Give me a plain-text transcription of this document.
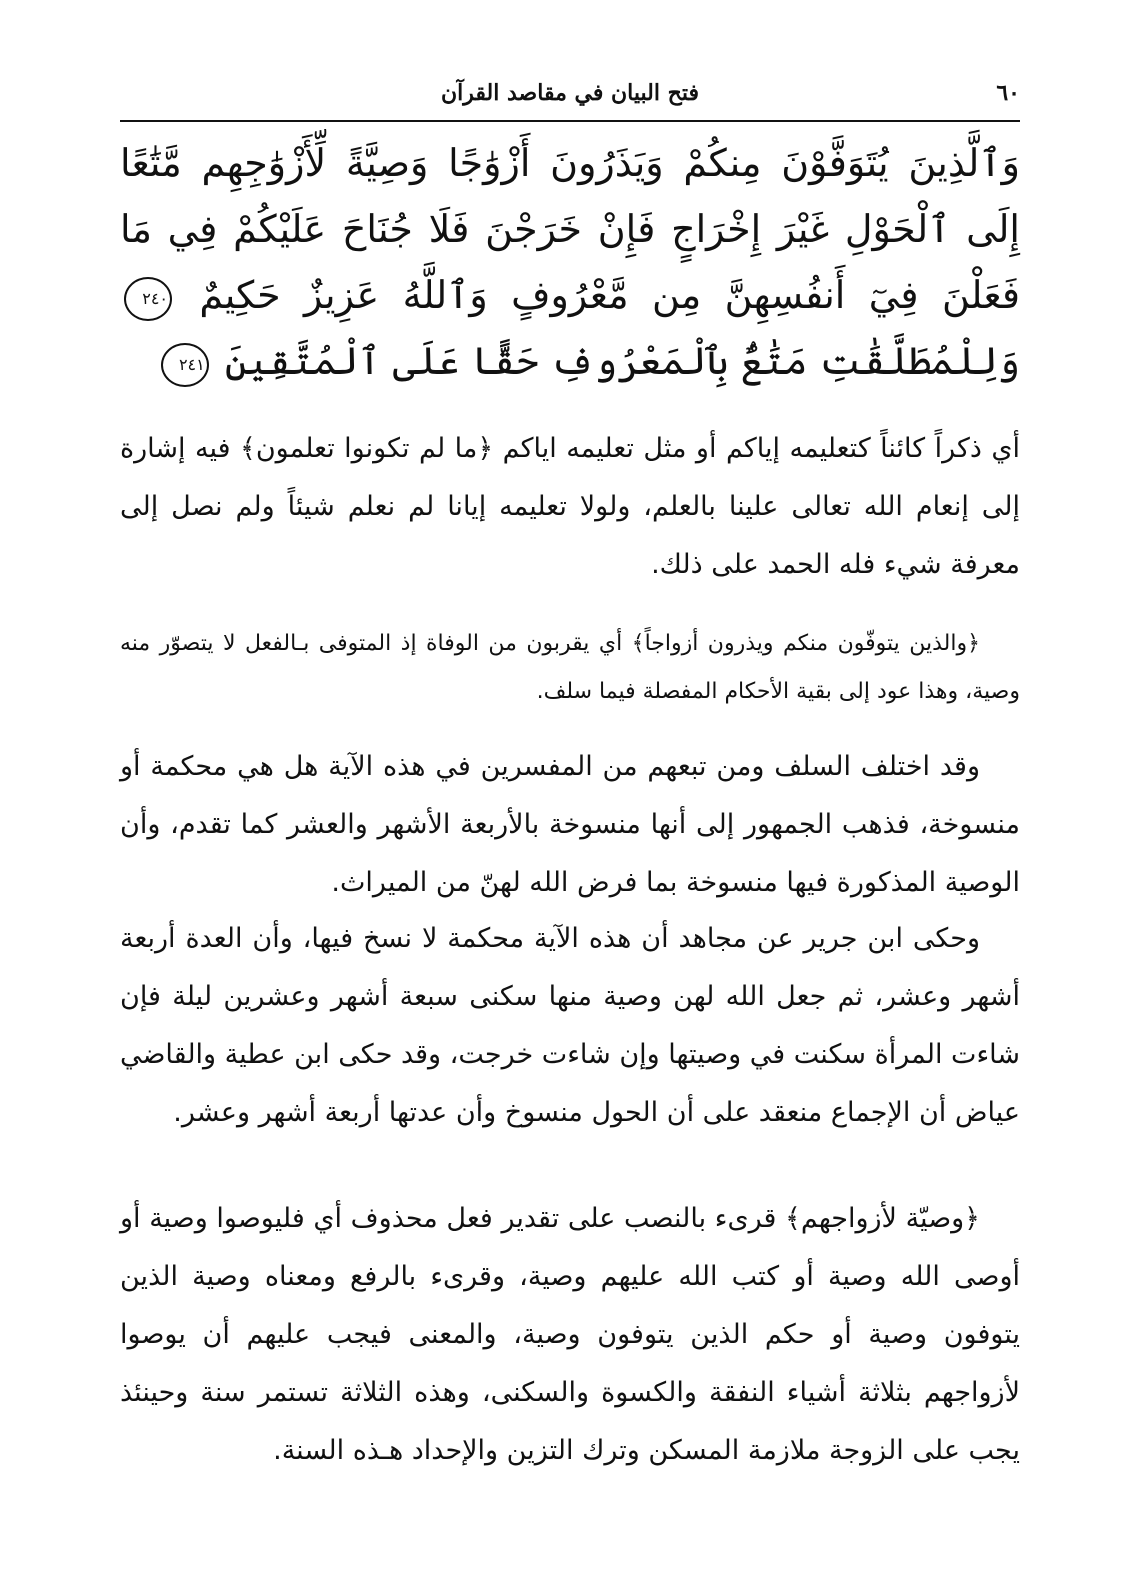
٦٠
فتح البيان في مقاصد القرآن
وَٱلَّذِينَ يُتَوَفَّوْنَ مِنكُمْ وَيَذَرُونَ أَزْوَٰجًا وَصِيَّةً لِّأَزْوَٰجِهِم مَّتَٰعًا إِلَى ٱلْحَوْلِ غَيْرَ إِخْرَاجٍ فَإِنْ خَرَجْنَ فَلَا جُنَاحَ عَلَيْكُمْ فِي مَا فَعَلْنَ فِيٓ أَنفُسِهِنَّ مِن مَّعْرُوفٍ وَٱللَّهُ عَزِيزٌ حَكِيمٌ ٢٤٠ وَلِلْمُطَلَّقَٰتِ مَتَٰعٌۢ بِٱلْمَعْرُوفِ حَقًّا عَلَى ٱلْمُتَّقِينَ ٢٤١

أي ذكراً كائناً كتعليمه إياكم أو مثل تعليمه اياكم ﴿ما لم تكونوا تعلمون﴾ فيه إشارة إلى إنعام الله تعالى علينا بالعلم، ولولا تعليمه إيانا لم نعلم شيئاً ولم نصل إلى معرفة شيء فله الحمد على ذلك.

﴿والذين يتوفّون منكم ويذرون أزواجاً﴾ أي يقربون من الوفاة إذ المتوفى بـالفعل لا يتصوّر منه وصية، وهذا عود إلى بقية الأحكام المفصلة فيما سلف.

وقد اختلف السلف ومن تبعهم من المفسرين في هذه الآية هل هي محكمة أو منسوخة، فذهب الجمهور إلى أنها منسوخة بالأربعة الأشهر والعشر كما تقدم، وأن الوصية المذكورة فيها منسوخة بما فرض الله لهنّ من الميراث.

وحكى ابن جرير عن مجاهد أن هذه الآية محكمة لا نسخ فيها، وأن العدة أربعة أشهر وعشر، ثم جعل الله لهن وصية منها سكنى سبعة أشهر وعشرين ليلة فإن شاءت المرأة سكنت في وصيتها وإن شاءت خرجت، وقد حكى ابن عطية والقاضي عياض أن الإجماع منعقد على أن الحول منسوخ وأن عدتها أربعة أشهر وعشر.

﴿وصيّة لأزواجهم﴾ قرىء بالنصب على تقدير فعل محذوف أي فليوصوا وصية أو أوصى الله وصية أو كتب الله عليهم وصية، وقرىء بالرفع ومعناه وصية الذين يتوفون وصية أو حكم الذين يتوفون وصية، والمعنى فيجب عليهم أن يوصوا لأزواجهم بثلاثة أشياء النفقة والكسوة والسكنى، وهذه الثلاثة تستمر سنة وحينئذ يجب على الزوجة ملازمة المسكن وترك التزين والإحداد هـذه السنة.
